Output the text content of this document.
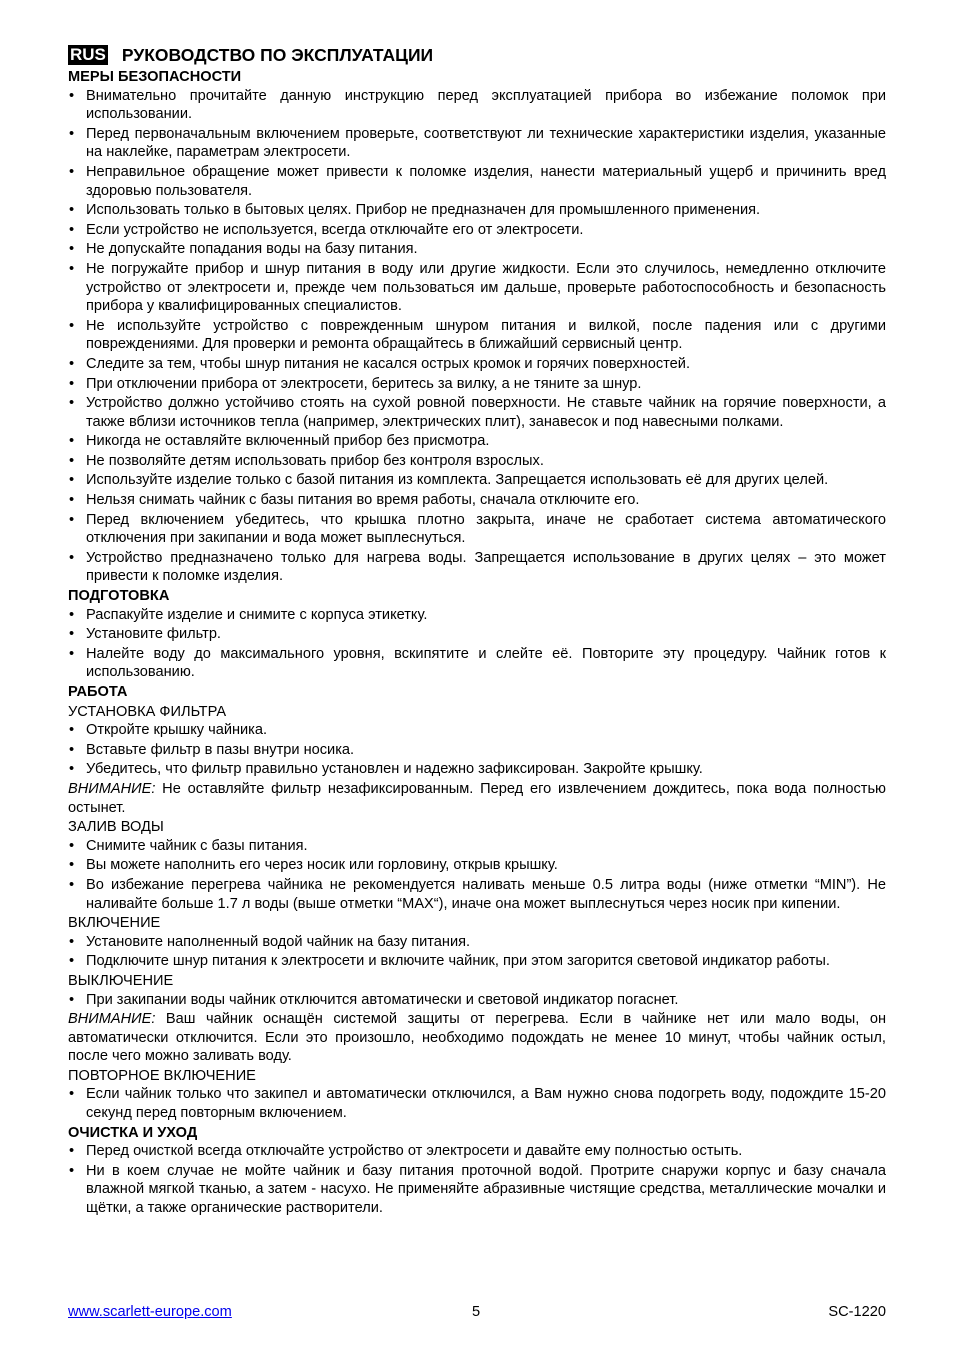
RUS РУКОВОДСТВО ПО ЭКСПЛУАТАЦИИ
МЕРЫ БЕЗОПАСНОСТИ
• Внимательно прочитайте данную инструкцию перед эксплуатацией прибора во избежание поломок при использовании.
• Перед первоначальным включением проверьте, соответствуют ли технические характеристики изделия, указанные на наклейке, параметрам электросети.
• Неправильное обращение может привести к поломке изделия, нанести материальный ущерб и причинить вред здоровью пользователя.
• Использовать только в бытовых целях. Прибор не предназначен для промышленного применения.
• Если устройство не используется, всегда отключайте его от электросети.
• Не допускайте попадания воды на базу питания.
• Не погружайте прибор и шнур питания в воду или другие жидкости. Если это случилось, немедленно отключите устройство от электросети и, прежде чем пользоваться им дальше, проверьте работоспособность и безопасность прибора у квалифицированных специалистов.
• Не используйте устройство с поврежденным шнуром питания и вилкой, после падения или с другими повреждениями. Для проверки и ремонта обращайтесь в ближайший сервисный центр.
• Следите за тем, чтобы шнур питания не касался острых кромок и горячих поверхностей.
• При отключении прибора от электросети, беритесь за вилку, а не тяните за шнур.
• Устройство должно устойчиво стоять на сухой ровной поверхности. Не ставьте чайник на горячие поверхности, а также вблизи источников тепла (например, электрических плит), занавесок и под навесными полками.
• Никогда не оставляйте включенный прибор без присмотра.
• Не позволяйте детям использовать прибор без контроля взрослых.
• Используйте изделие только с базой питания из комплекта. Запрещается использовать её для других целей.
• Нельзя снимать чайник с базы питания во время работы, сначала отключите его.
• Перед включением убедитесь, что крышка плотно закрыта, иначе не сработает система автоматического отключения при закипании и вода может выплеснуться.
• Устройство предназначено только для нагрева воды. Запрещается использование в других целях – это может привести к поломке изделия.
ПОДГОТОВКА
• Распакуйте изделие и снимите с корпуса этикетку.
• Установите фильтр.
• Налейте воду до максимального уровня, вскипятите и слейте её. Повторите эту процедуру. Чайник готов к использованию.
РАБОТА
УСТАНОВКА ФИЛЬТРА
• Откройте крышку чайника.
• Вставьте фильтр в пазы внутри носика.
• Убедитесь, что фильтр правильно установлен и надежно зафиксирован. Закройте крышку.
ВНИМАНИЕ: Не оставляйте фильтр незафиксированным. Перед его извлечением дождитесь, пока вода полностью остынет.
ЗАЛИВ ВОДЫ
• Снимите чайник с базы питания.
• Вы можете наполнить его через носик или горловину, открыв крышку.
• Во избежание перегрева чайника не рекомендуется наливать меньше 0.5 литра воды (ниже отметки “MIN”). Не наливайте больше 1.7 л воды (выше отметки “MAX“), иначе она может выплеснуться через носик при кипении.
ВКЛЮЧЕНИЕ
• Установите наполненный водой чайник на базу питания.
• Подключите шнур питания к электросети и включите чайник, при этом загорится световой индикатор работы.
ВЫКЛЮЧЕНИЕ
• При закипании воды чайник отключится автоматически и световой индикатор погаснет.
ВНИМАНИЕ: Ваш чайник оснащён системой защиты от перегрева. Если в чайнике нет или мало воды, он автоматически отключится. Если это произошло, необходимо подождать не менее 10 минут, чтобы чайник остыл, после чего можно заливать воду.
ПОВТОРНОЕ ВКЛЮЧЕНИЕ
• Если чайник только что закипел и автоматически отключился, а Вам нужно снова подогреть воду, подождите 15-20 секунд перед повторным включением.
ОЧИСТКА И УХОД
• Перед очисткой всегда отключайте устройство от электросети и давайте ему полностью остыть.
• Ни в коем случае не мойте чайник и базу питания проточной водой. Протрите снаружи корпус и базу сначала влажной мягкой тканью, а затем - насухо. Не применяйте абразивные чистящие средства, металлические мочалки и щётки, а также органические растворители.
www.scarlett-europe.com	5	SC-1220
